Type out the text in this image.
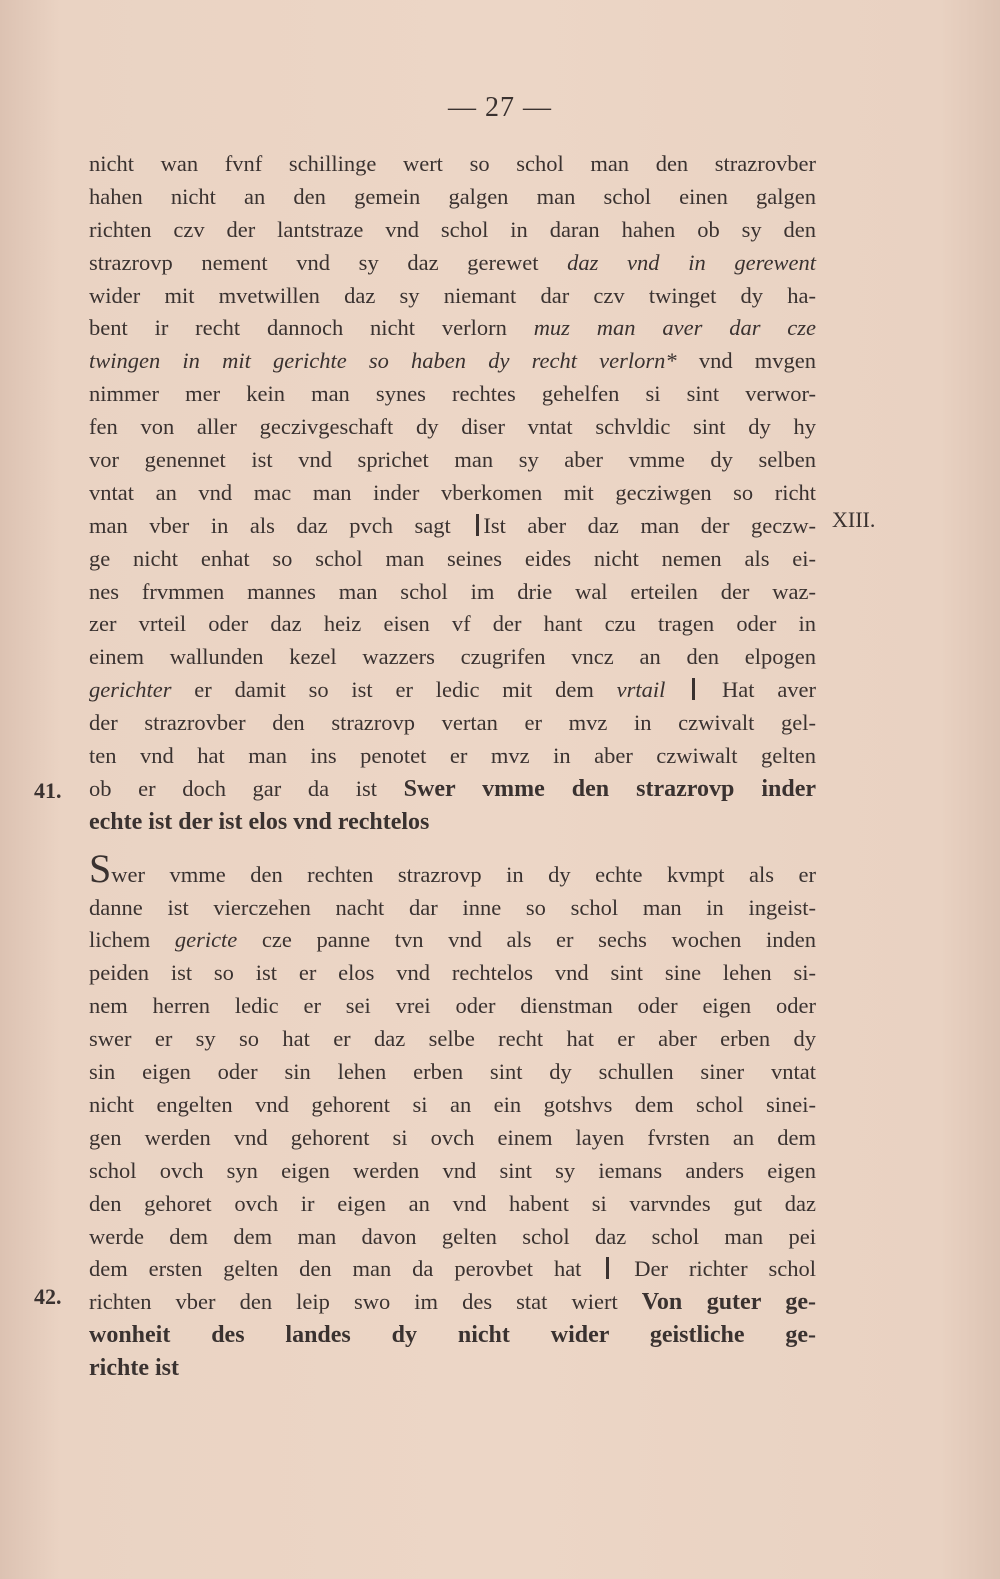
— 27 —
XIII.
41.
42.
nicht wan fvnf schillinge wert so schol man den strazrovber
hahen nicht an den gemein galgen man schol einen galgen
richten czv der lantstraze vnd schol in daran hahen ob sy den
strazrovp nement vnd sy daz gerewet daz vnd in gerewent
wider mit mvetwillen daz sy niemant dar czv twinget dy ha-
bent ir recht dannoch nicht verlorn muz man aver dar cze
twingen in mit gerichte so haben dy recht verlorn* vnd mvgen
nimmer mer kein man synes rechtes gehelfen si sint verwor-
fen von aller geczivgeschaft dy diser vntat schvldic sint dy hy
vor genennet ist vnd sprichet man sy aber vmme dy selben
vntat an vnd mac man inder vberkomen mit gecziwgen so richt
man vber in als daz pvch sagt Ist aber daz man der geczw-
ge nicht enhat so schol man seines eides nicht nemen als ei-
nes frvmmen mannes man schol im drie wal erteilen der waz-
zer vrteil oder daz heiz eisen vf der hant czu tragen oder in
einem wallunden kezel wazzers czugrifen vncz an den elpogen
gerichter er damit so ist er ledic mit dem vrtail	Hat aver
der strazrovber den strazrovp vertan er mvz in czwivalt gel-
ten vnd hat man ins penotet er mvz in aber czwiwalt gelten
ob er doch gar da ist Swer vmme den strazrovp inder
echte ist der ist elos vnd rechtelos
Swer vmme den rechten strazrovp in dy echte kvmpt als er
danne ist vierczehen nacht dar inne so schol man in ingeist-
lichem gericte cze panne tvn vnd als er sechs wochen inden
peiden ist so ist er elos vnd rechtelos vnd sint sine lehen si-
nem herren ledic er sei vrei oder dienstman oder eigen oder
swer er sy so hat er daz selbe recht hat er aber erben dy
sin eigen oder sin lehen erben sint dy schullen siner vntat
nicht engelten vnd gehorent si an ein gotshvs dem schol sinei-
gen werden vnd gehorent si ovch einem layen fvrsten an dem
schol ovch syn eigen werden vnd sint sy iemans anders eigen
den gehoret ovch ir eigen an vnd habent si varvndes gut daz
werde dem dem man davon gelten schol daz schol man pei
dem ersten gelten den man da perovbet hat Der richter schol
richten vber den leip swo im des stat wiert Von guter ge-
wonheit des landes dy nicht wider geistliche ge-
richte ist
